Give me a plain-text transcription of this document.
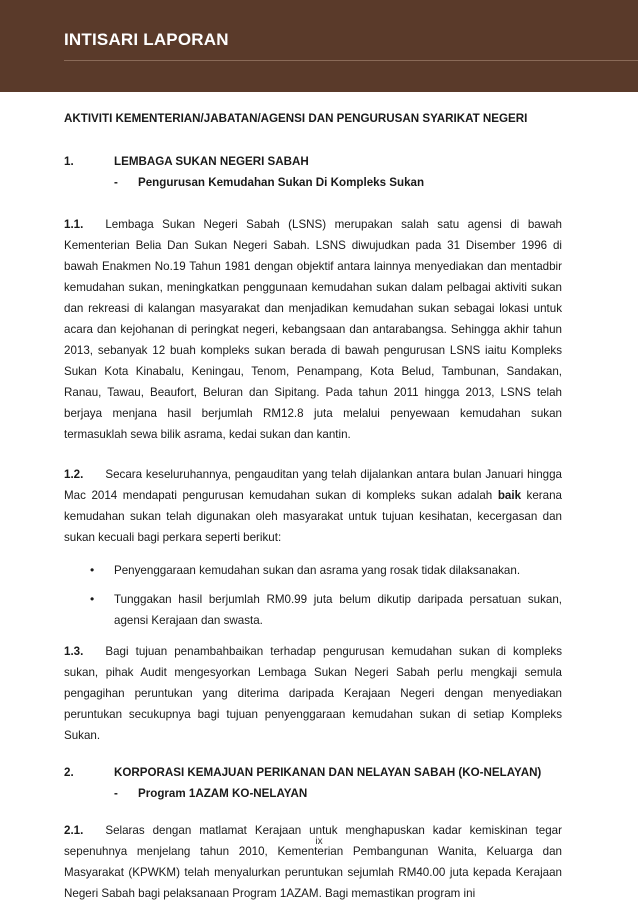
INTISARI LAPORAN
AKTIVITI KEMENTERIAN/JABATAN/AGENSI DAN PENGURUSAN SYARIKAT NEGERI
1.	LEMBAGA SUKAN NEGERI SABAH
-	Pengurusan Kemudahan Sukan Di Kompleks Sukan

1.1. Lembaga Sukan Negeri Sabah (LSNS) merupakan salah satu agensi di bawah Kementerian Belia Dan Sukan Negeri Sabah. LSNS diwujudkan pada 31 Disember 1996 di bawah Enakmen No.19 Tahun 1981 dengan objektif antara lainnya menyediakan dan mentadbir kemudahan sukan, meningkatkan penggunaan kemudahan sukan dalam pelbagai aktiviti sukan dan rekreasi di kalangan masyarakat dan menjadikan kemudahan sukan sebagai lokasi untuk acara dan kejohanan di peringkat negeri, kebangsaan dan antarabangsa. Sehingga akhir tahun 2013, sebanyak 12 buah kompleks sukan berada di bawah pengurusan LSNS iaitu Kompleks Sukan Kota Kinabalu, Keningau, Tenom, Penampang, Kota Belud, Tambunan, Sandakan, Ranau, Tawau, Beaufort, Beluran dan Sipitang. Pada tahun 2011 hingga 2013, LSNS telah berjaya menjana hasil berjumlah RM12.8 juta melalui penyewaan kemudahan sukan termasuklah sewa bilik asrama, kedai sukan dan kantin.

1.2. Secara keseluruhannya, pengauditan yang telah dijalankan antara bulan Januari hingga Mac 2014 mendapati pengurusan kemudahan sukan di kompleks sukan adalah baik kerana kemudahan sukan telah digunakan oleh masyarakat untuk tujuan kesihatan, kecergasan dan sukan kecuali bagi perkara seperti berikut:

•	Penyenggaraan kemudahan sukan dan asrama yang rosak tidak dilaksanakan.
•	Tunggakan hasil berjumlah RM0.99 juta belum dikutip daripada persatuan sukan, agensi Kerajaan dan swasta.

1.3. Bagi tujuan penambahbaikan terhadap pengurusan kemudahan sukan di kompleks sukan, pihak Audit mengesyorkan Lembaga Sukan Negeri Sabah perlu mengkaji semula pengagihan peruntukan yang diterima daripada Kerajaan Negeri dengan menyediakan peruntukan secukupnya bagi tujuan penyenggaraan kemudahan sukan di setiap Kompleks Sukan.

2.	KORPORASI KEMAJUAN PERIKANAN DAN NELAYAN SABAH (KO-NELAYAN)
-	Program 1AZAM KO-NELAYAN

2.1. Selaras dengan matlamat Kerajaan untuk menghapuskan kadar kemiskinan tegar sepenuhnya menjelang tahun 2010, Kementerian Pembangunan Wanita, Keluarga dan Masyarakat (KPWKM) telah menyalurkan peruntukan sejumlah RM40.00 juta kepada Kerajaan Negeri Sabah bagi pelaksanaan Program 1AZAM. Bagi memastikan program ini

ix
